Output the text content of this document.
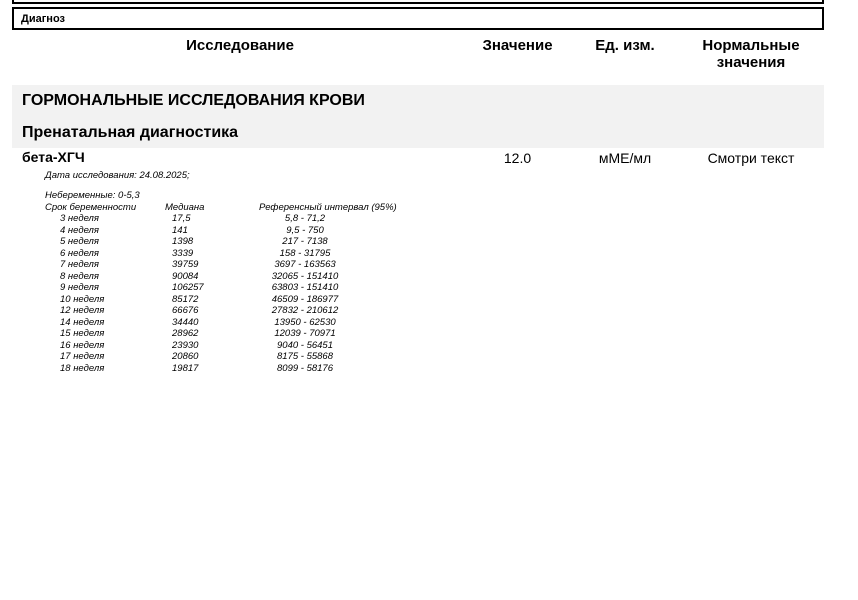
Диагноз
Исследование	Значение	Ед. изм.	Нормальные
значения
ГОРМОНАЛЬНЫЕ ИССЛЕДОВАНИЯ КРОВИ
Пренатальная диагностика
бета-ХГЧ	12.0	мМЕ/мл	Смотри текст
Дата исследования: 24.08.2025;
Небеременные: 0-5,3
Срок беременности	Медиана	Референсный интервал (95%)
3 неделя	17,5	5,8 - 71,2
4 неделя	141	9,5 - 750
5 неделя	1398	217 - 7138
6 неделя	3339	158 - 31795
7 неделя	39759	3697 - 163563
8 неделя	90084	32065 - 151410
9 неделя	106257	63803 - 151410
10 неделя	85172	46509 - 186977
12 неделя	66676	27832 - 210612
14 неделя	34440	13950 - 62530
15 неделя	28962	12039 - 70971
16 неделя	23930	9040 - 56451
17 неделя	20860	8175 - 55868
18 неделя	19817	8099 - 58176
